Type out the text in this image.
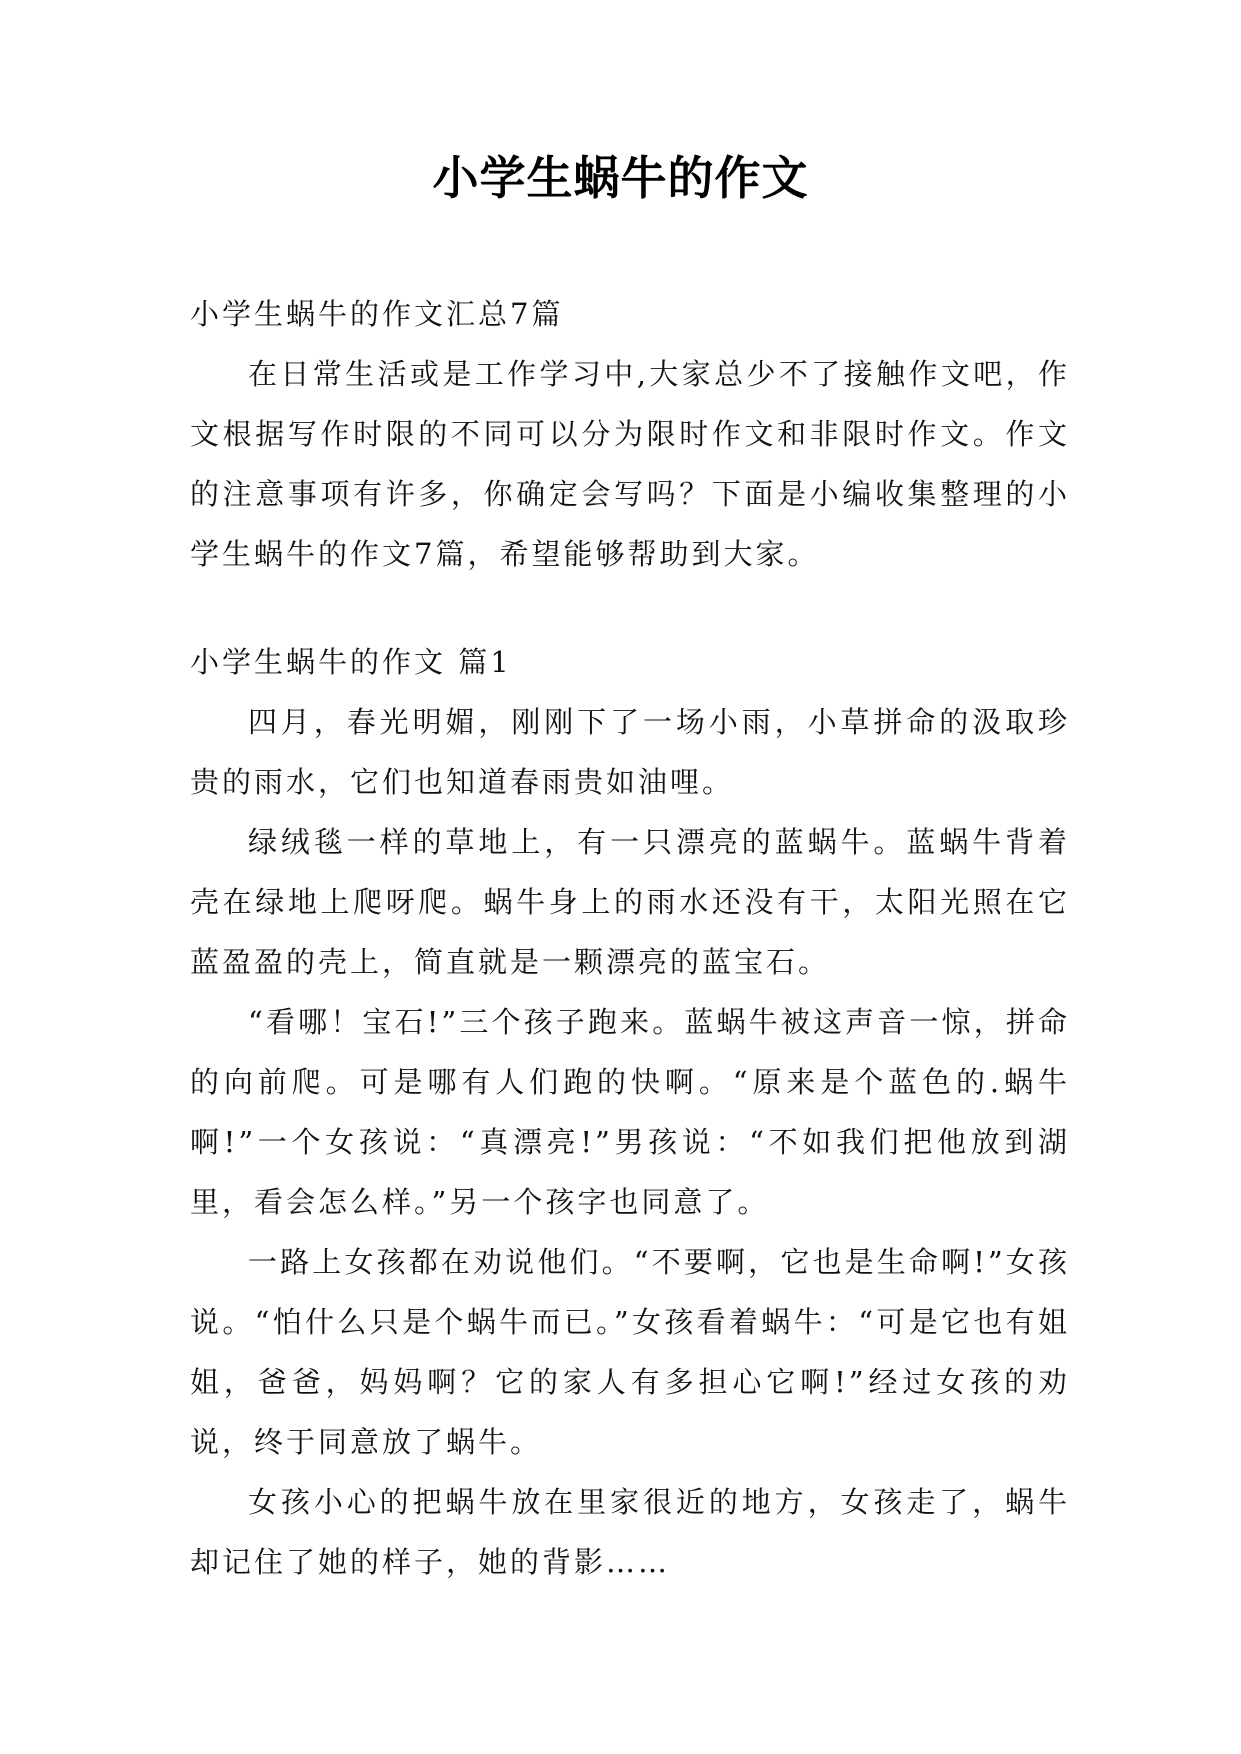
小学生蜗牛的作文

小学生蜗牛的作文汇总7篇

在日常生活或是工作学习中,大家总少不了接触作文吧，作文根据写作时限的不同可以分为限时作文和非限时作文。作文的注意事项有许多，你确定会写吗？下面是小编收集整理的小学生蜗牛的作文7篇，希望能够帮助到大家。

小学生蜗牛的作文 篇1

四月，春光明媚，刚刚下了一场小雨，小草拼命的汲取珍贵的雨水，它们也知道春雨贵如油哩。

绿绒毯一样的草地上，有一只漂亮的蓝蜗牛。蓝蜗牛背着壳在绿地上爬呀爬。蜗牛身上的雨水还没有干，太阳光照在它蓝盈盈的壳上，简直就是一颗漂亮的蓝宝石。

“看哪！宝石!”三个孩子跑来。蓝蜗牛被这声音一惊，拼命的向前爬。可是哪有人们跑的快啊。“原来是个蓝色的.蜗牛啊!”一个女孩说：“真漂亮!”男孩说：“不如我们把他放到湖里，看会怎么样。”另一个孩字也同意了。

一路上女孩都在劝说他们。“不要啊，它也是生命啊!”女孩说。“怕什么只是个蜗牛而已。”女孩看着蜗牛：“可是它也有姐姐，爸爸，妈妈啊？它的家人有多担心它啊!”经过女孩的劝说，终于同意放了蜗牛。

女孩小心的把蜗牛放在里家很近的地方，女孩走了，蜗牛却记住了她的样子，她的背影……
